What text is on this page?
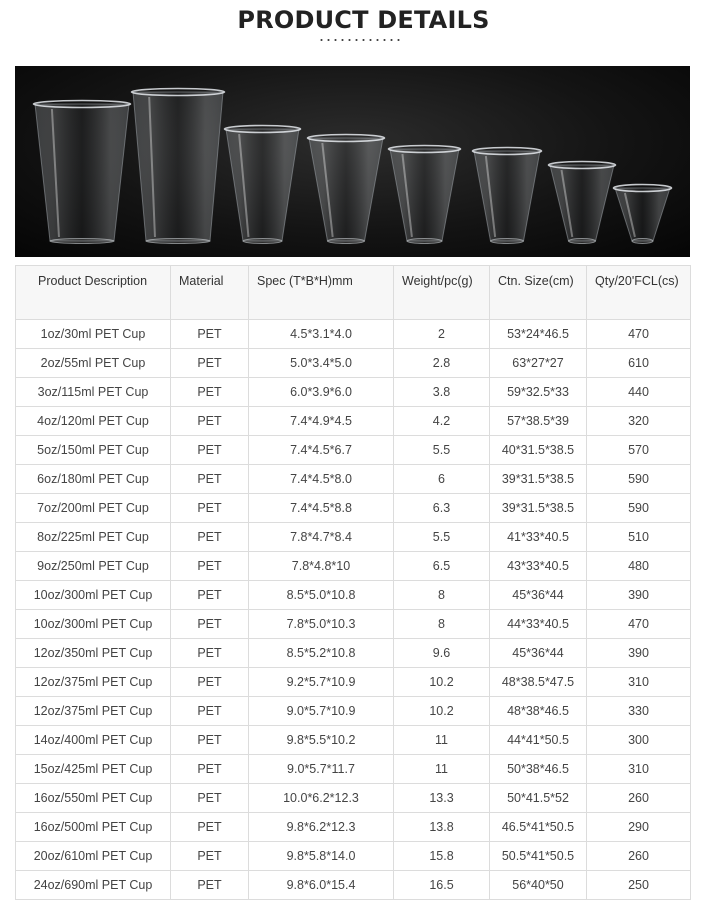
PRODUCT DETAILS
Product Description	Material	Spec (T*B*H)mm	Weight/pc(g)	Ctn. Size(cm)	Qty/20'FCL(cs)
1oz/30ml PET Cup	PET	4.5*3.1*4.0	2	53*24*46.5	470
2oz/55ml PET Cup	PET	5.0*3.4*5.0	2.8	63*27*27	610
3oz/115ml PET Cup	PET	6.0*3.9*6.0	3.8	59*32.5*33	440
4oz/120ml PET Cup	PET	7.4*4.9*4.5	4.2	57*38.5*39	320
5oz/150ml PET Cup	PET	7.4*4.5*6.7	5.5	40*31.5*38.5	570
6oz/180ml PET Cup	PET	7.4*4.5*8.0	6	39*31.5*38.5	590
7oz/200ml PET Cup	PET	7.4*4.5*8.8	6.3	39*31.5*38.5	590
8oz/225ml PET Cup	PET	7.8*4.7*8.4	5.5	41*33*40.5	510
9oz/250ml PET Cup	PET	7.8*4.8*10	6.5	43*33*40.5	480
10oz/300ml PET Cup	PET	8.5*5.0*10.8	8	45*36*44	390
10oz/300ml PET Cup	PET	7.8*5.0*10.3	8	44*33*40.5	470
12oz/350ml PET Cup	PET	8.5*5.2*10.8	9.6	45*36*44	390
12oz/375ml PET Cup	PET	9.2*5.7*10.9	10.2	48*38.5*47.5	310
12oz/375ml PET Cup	PET	9.0*5.7*10.9	10.2	48*38*46.5	330
14oz/400ml PET Cup	PET	9.8*5.5*10.2	11	44*41*50.5	300
15oz/425ml PET Cup	PET	9.0*5.7*11.7	11	50*38*46.5	310
16oz/550ml PET Cup	PET	10.0*6.2*12.3	13.3	50*41.5*52	260
16oz/500ml PET Cup	PET	9.8*6.2*12.3	13.8	46.5*41*50.5	290
20oz/610ml PET Cup	PET	9.8*5.8*14.0	15.8	50.5*41*50.5	260
24oz/690ml PET Cup	PET	9.8*6.0*15.4	16.5	56*40*50	250
